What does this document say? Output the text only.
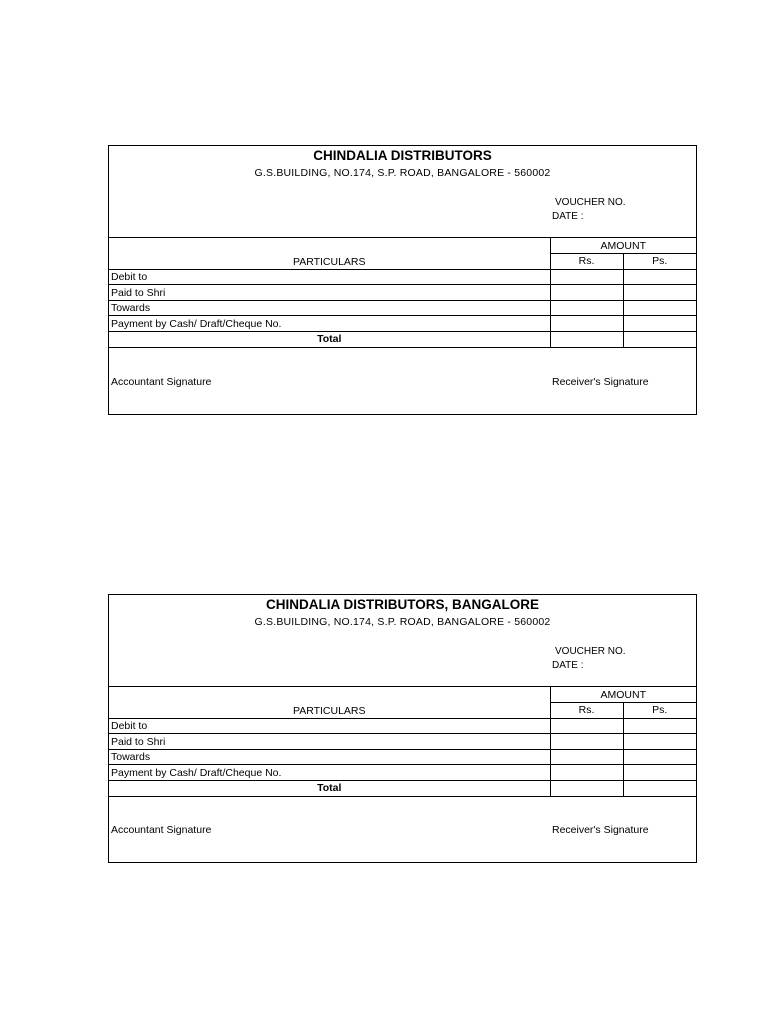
CHINDALIA DISTRIBUTORS
G.S.BUILDING, NO.174, S.P. ROAD, BANGALORE - 560002
VOUCHER NO.
DATE :
PARTICULARS	AMOUNT	
	Rs.	Ps.
Debit to		
Paid to Shri		
Towards		
Payment by Cash/ Draft/Cheque No.		
Total		
Accountant Signature	Receiver's Signature
CHINDALIA DISTRIBUTORS, BANGALORE
G.S.BUILDING, NO.174, S.P. ROAD, BANGALORE - 560002
VOUCHER NO.
DATE :
PARTICULARS	AMOUNT	
	Rs.	Ps.
Debit to		
Paid to Shri		
Towards		
Payment by Cash/ Draft/Cheque No.		
Total		
Accountant Signature	Receiver's Signature
